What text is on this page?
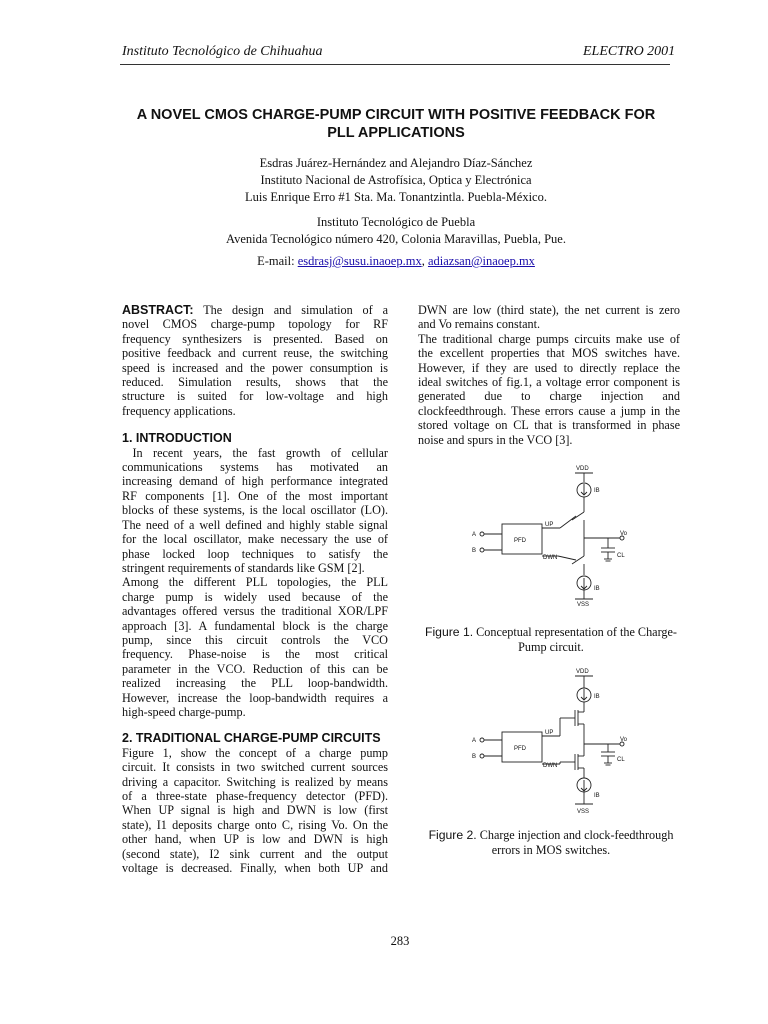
Instituto Tecnológico de Chihuahua	ELECTRO 2001
A NOVEL CMOS CHARGE-PUMP CIRCUIT WITH POSITIVE FEEDBACK FOR
PLL APPLICATIONS
Esdras Juárez-Hernández and Alejandro Díaz-Sánchez
Instituto Nacional de Astrofísica, Optica y Electrónica
Luis Enrique Erro #1 Sta. Ma. Tonantzintla. Puebla-México.
Instituto Tecnológico de Puebla
Avenida Tecnológico número 420, Colonia Maravillas, Puebla, Pue.
E-mail: esdrasj@susu.inaoep.mx, adiazsan@inaoep.mx

ABSTRACT: The design and simulation of a

novel CMOS charge-pump topology for RF

frequency synthesizers is presented. Based on

positive feedback and current reuse, the switching

speed is increased and the power consumption is

reduced. Simulation results, shows that the

structure is suited for low-voltage and high

frequency applications.

1. INTRODUCTION

In recent years, the fast growth of cellular

communications systems has motivated an

increasing demand of high performance integrated

RF components [1]. One of the most important

blocks of these systems, is the local oscillator (LO).

The need of a well defined and highly stable signal

for the local oscillator, make necessary the use of

phase locked loop techniques to satisfy the

stringent requirements of standards like GSM [2].

Among the different PLL topologies, the PLL

charge pump is widely used because of the

advantages offered versus the traditional XOR/LPF

approach [3]. A fundamental block is the charge

pump, since this circuit controls the VCO

frequency. Phase-noise is the most critical

parameter in the VCO. Reduction of this can be

realized increasing the PLL loop-bandwidth.

However, increase the loop-bandwidth requires a

high-speed charge-pump.

2. TRADITIONAL CHARGE-PUMP CIRCUITS

Figure 1, show the concept of a charge pump

circuit. It consists in two switched current sources

driving a capacitor. Switching is realized by means

of a three-state phase-frequency detector (PFD).

When UP signal is high and DWN is low (first

state), I1 deposits charge onto C, rising Vo. On the

other hand, when UP is low and DWN is high

(second state), I2 sink current and the output

voltage is decreased. Finally, when both UP and

DWN are low (third state), the net current is zero

and Vo remains constant.

The traditional charge pumps circuits make use of

the excellent properties that MOS switches have.

However, if they are used to directly replace the

ideal switches of fig.1, a voltage error component is

generated due to charge injection and

clockfeedthrough. These errors cause a jump in the

stored voltage on CL that is transformed in phase

noise and spurs in the VCO [3].

VDD
IB
UP
DWN
PFD
A
B
Vo
CL
IB
VSS
Figure 1. Conceptual representation of the Charge-
Pump circuit.
VDD
IB
UP
DWN
PFD
A
B
Vo
CL
IB
VSS
Figure 2. Charge injection and clock-feedthrough
errors in MOS switches.
283
